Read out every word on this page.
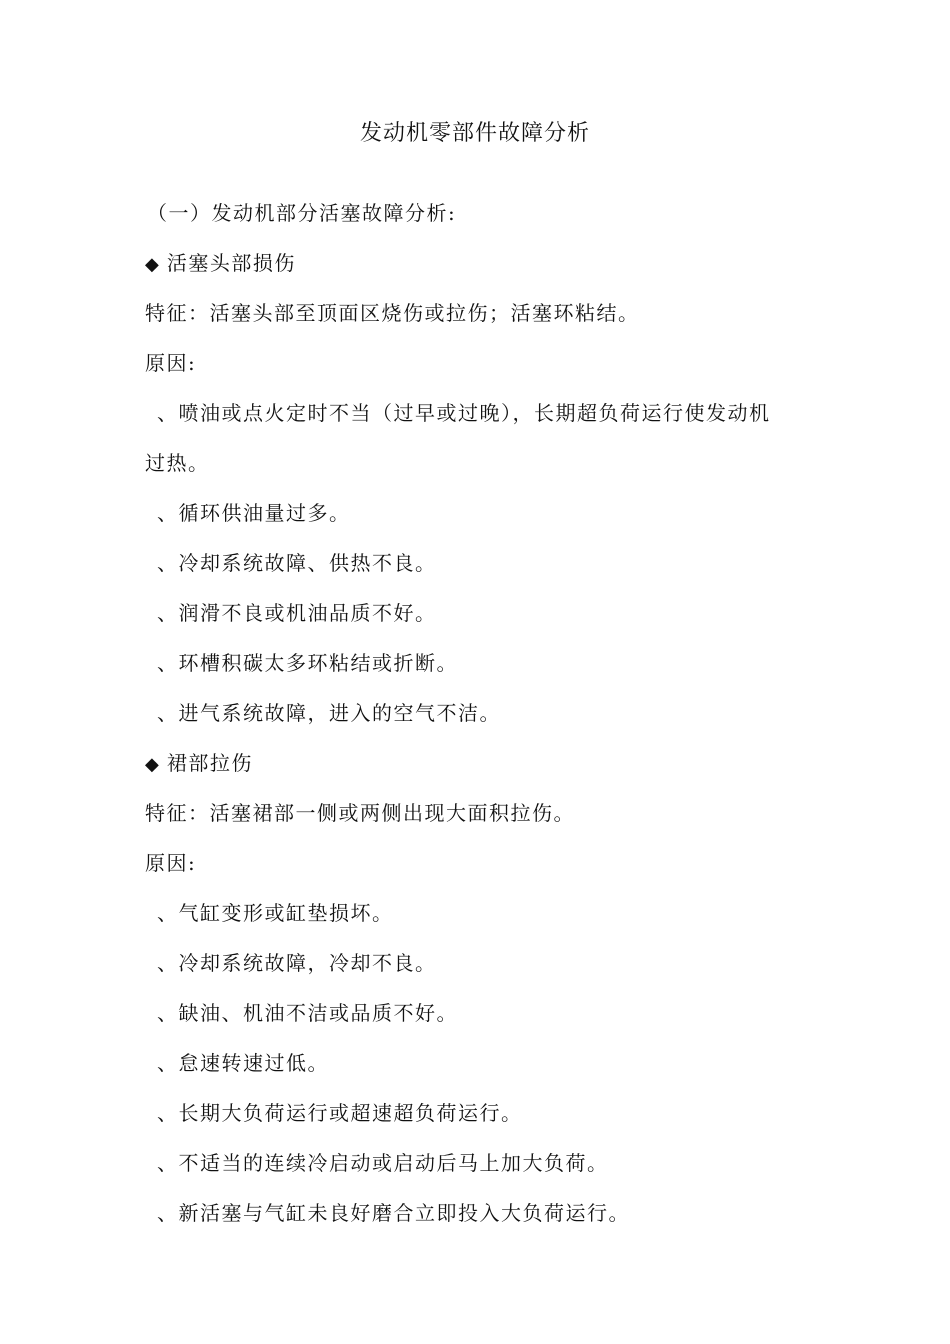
发动机零部件故障分析
（一）发动机部分活塞故障分析:
◆ 活塞头部损伤
特征：活塞头部至顶面区烧伤或拉伤；活塞环粘结。
原因:
、喷油或点火定时不当（过早或过晚），长期超负荷运行使发动机
过热。
、循环供油量过多。
、冷却系统故障、供热不良。
、润滑不良或机油品质不好。
、环槽积碳太多环粘结或折断。
、进气系统故障，进入的空气不洁。
◆ 裙部拉伤
特征：活塞裙部一侧或两侧出现大面积拉伤。
原因:
、气缸变形或缸垫损坏。
、冷却系统故障，冷却不良。
、缺油、机油不洁或品质不好。
、怠速转速过低。
、长期大负荷运行或超速超负荷运行。
、不适当的连续冷启动或启动后马上加大负荷。
、新活塞与气缸未良好磨合立即投入大负荷运行。
